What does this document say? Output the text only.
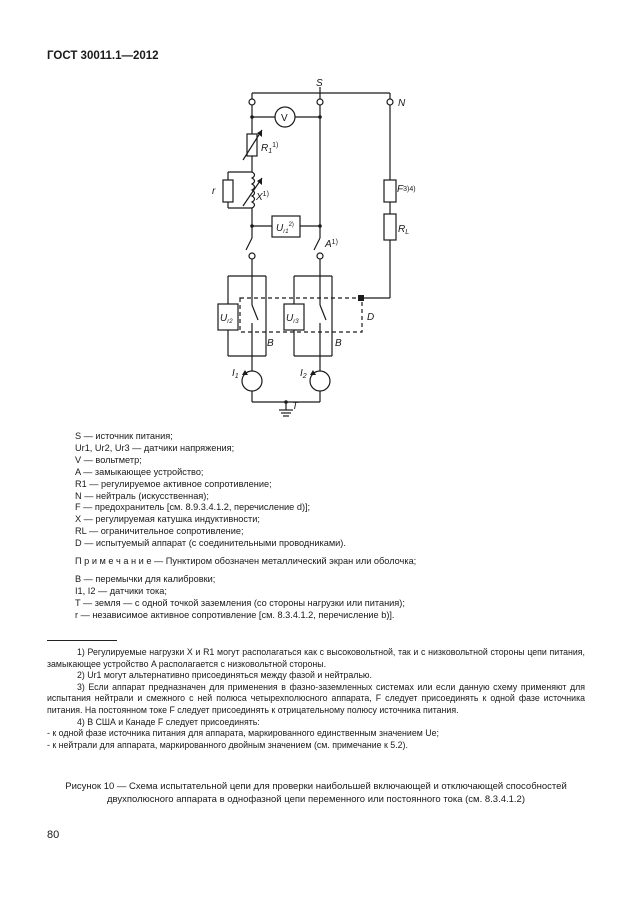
ГОСТ 30011.1—2012
S
N
V
$R_1^{1)}$
r
$X^{1)}$
$U_{r1}^{2)}$
$A^{1)}$
F3)4)
$R_L$
$U_{r2}$	$U_{r3}$	D
B	B
$I_1$	$I_2$
T
S — источник питания;
Ur1, Ur2, Ur3 — датчики напряжения;
V — вольтметр;
A — замыкающее устройство;
R1 — регулируемое активное сопротивление;
N — нейтраль (искусственная);
F — предохранитель [см. 8.9.3.4.1.2, перечисление d)];
X — регулируемая катушка индуктивности;
RL — ограничительное сопротивление;
D — испытуемый аппарат (с соединительными проводниками).
П р и м е ч а н и е — Пунктиром обозначен металлический экран или оболочка;
B — перемычки для калибровки;
I1, I2 — датчики тока;
T — земля — с одной точкой заземления (со стороны нагрузки или питания);
r — независимое активное сопротивление [см. 8.3.4.1.2, перечисление b)].

1) Регулируемые нагрузки X и R1 могут располагаться как с высоковольтной, так и с низковольтной стороны цепи питания, замыкающее устройство A располагается с низковольтной стороны.

2) Ur1 могут альтернативно присоединяться между фазой и нейтралью.

3) Если аппарат предназначен для применения в фазно-заземленных системах или если данную схему применяют для испытания нейтрали и смежного с ней полюса четырехполюсного аппарата, F следует присоединять к одной фазе источника питания. На постоянном токе F следует присоединять к отрицательному полюсу источника питания.

4) В США и Канаде F следует присоединять:

- к одной фазе источника питания для аппарата, маркированного единственным значением Ue;

- к нейтрали для аппарата, маркированного двойным значением (см. примечание к 5.2).

Рисунок 10 — Схема испытательной цепи для проверки наибольшей включающей и отключающей способностей двухполюсного аппарата в однофазной цепи переменного или постоянного тока (см. 8.3.4.1.2)
80
